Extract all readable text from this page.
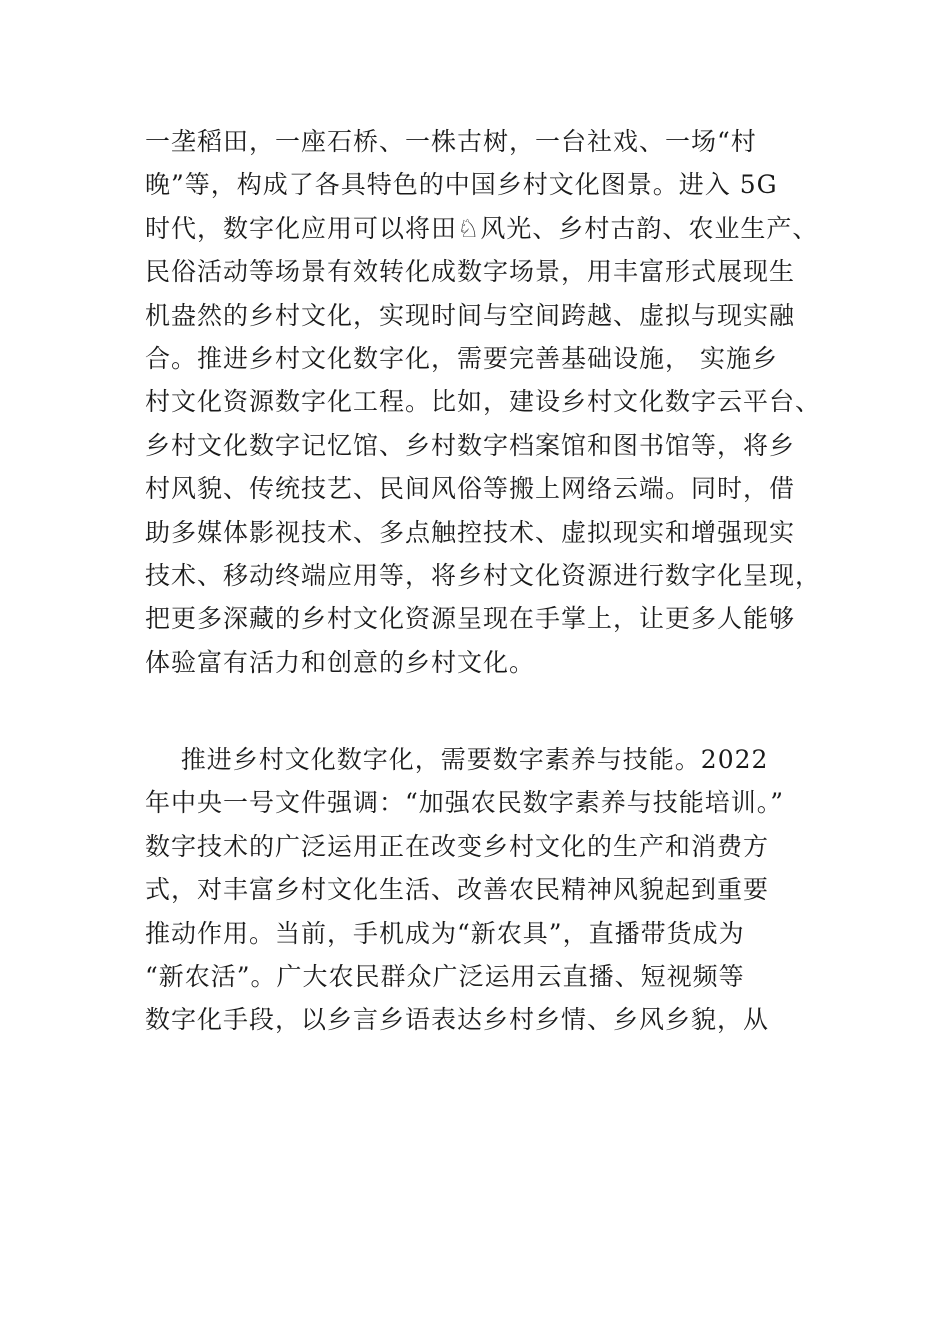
一垄稻田，一座石桥、一株古树，一台社戏、一场“村
晚”等，构成了各具特色的中国乡村文化图景。进入 5G
时代，数字化应用可以将田♘风光、乡村古韵、农业生产、
民俗活动等场景有效转化成数字场景，用丰富形式展现生
机盎然的乡村文化，实现时间与空间跨越、虚拟与现实融
合。推进乡村文化数字化，需要完善基础设施， 实施乡
村文化资源数字化工程。比如，建设乡村文化数字云平台、
乡村文化数字记忆馆、乡村数字档案馆和图书馆等，将乡
村风貌、传统技艺、民间风俗等搬上网络云端。同时，借
助多媒体影视技术、多点触控技术、虚拟现实和增强现实
技术、移动终端应用等，将乡村文化资源进行数字化呈现，
把更多深藏的乡村文化资源呈现在手掌上，让更多人能够
体验富有活力和创意的乡村文化。
推进乡村文化数字化，需要数字素养与技能。2022
年中央一号文件强调：“加强农民数字素养与技能培训。”
数字技术的广泛运用正在改变乡村文化的生产和消费方
式，对丰富乡村文化生活、改善农民精神风貌起到重要
推动作用。当前，手机成为“新农具”，直播带货成为
“新农活”。广大农民群众广泛运用云直播、短视频等
数字化手段，以乡言乡语表达乡村乡情、乡风乡貌，从
